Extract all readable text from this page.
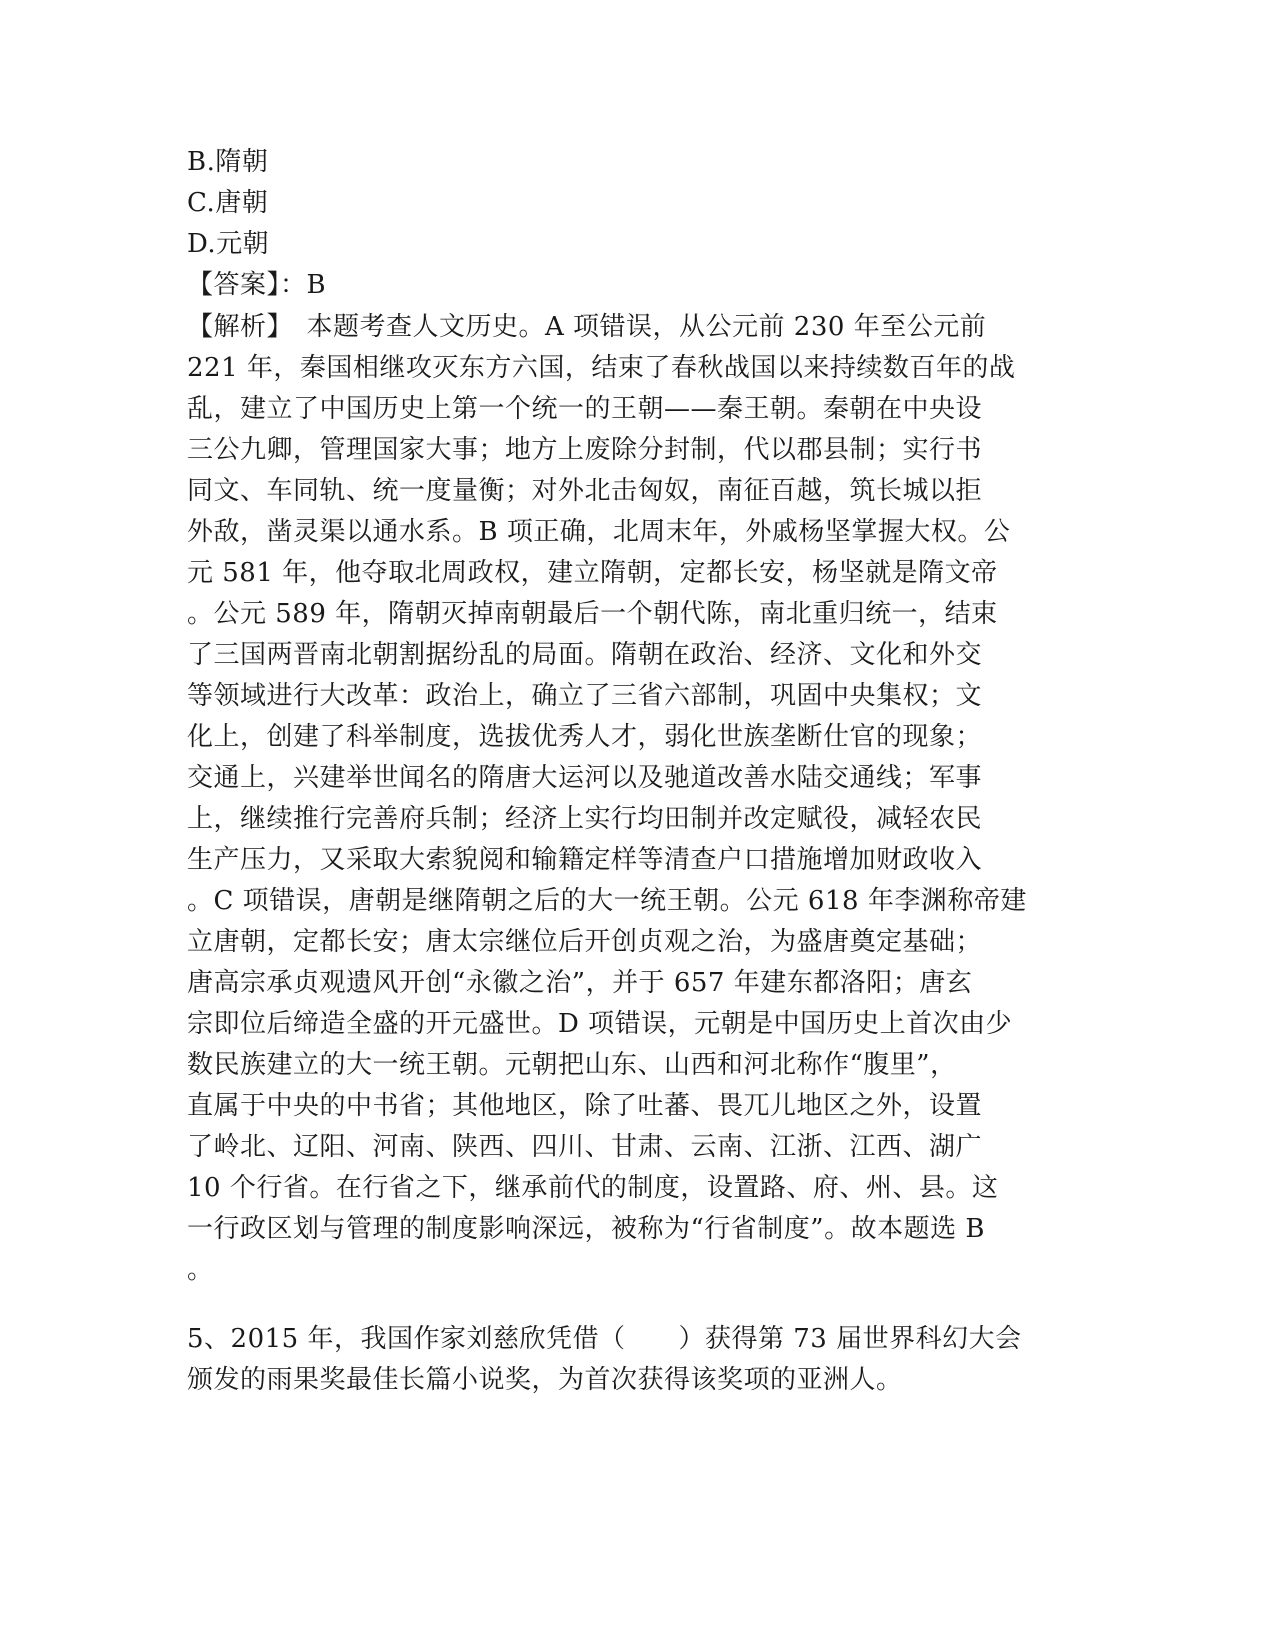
B.隋朝
C.唐朝
D.元朝
【答案】：B
【解析】　本题考查人文历史。A 项错误，从公元前 230 年至公元前
221 年，秦国相继攻灭东方六国，结束了春秋战国以来持续数百年的战
乱，建立了中国历史上第一个统一的王朝——秦王朝。秦朝在中央设
三公九卿，管理国家大事；地方上废除分封制，代以郡县制；实行书
同文、车同轨、统一度量衡；对外北击匈奴，南征百越，筑长城以拒
外敌，凿灵渠以通水系。B 项正确，北周末年，外戚杨坚掌握大权。公
元 581 年，他夺取北周政权，建立隋朝，定都长安，杨坚就是隋文帝
。公元 589 年，隋朝灭掉南朝最后一个朝代陈，南北重归统一，结束
了三国两晋南北朝割据纷乱的局面。隋朝在政治、经济、文化和外交
等领域进行大改革：政治上，确立了三省六部制，巩固中央集权；文
化上，创建了科举制度，选拔优秀人才，弱化世族垄断仕官的现象；
交通上，兴建举世闻名的隋唐大运河以及驰道改善水陆交通线；军事
上，继续推行完善府兵制；经济上实行均田制并改定赋役，减轻农民
生产压力，又采取大索貌阅和输籍定样等清查户口措施增加财政收入
。C 项错误，唐朝是继隋朝之后的大一统王朝。公元 618 年李渊称帝建
立唐朝，定都长安；唐太宗继位后开创贞观之治，为盛唐奠定基础；
唐高宗承贞观遗风开创“永徽之治”，并于 657 年建东都洛阳；唐玄
宗即位后缔造全盛的开元盛世。D 项错误，元朝是中国历史上首次由少
数民族建立的大一统王朝。元朝把山东、山西和河北称作“腹里”，
直属于中央的中书省；其他地区，除了吐蕃、畏兀儿地区之外，设置
了岭北、辽阳、河南、陕西、四川、甘肃、云南、江浙、江西、湖广
10 个行省。在行省之下，继承前代的制度，设置路、府、州、县。这
一行政区划与管理的制度影响深远，被称为“行省制度”。故本题选 B
。
5、2015 年，我国作家刘慈欣凭借（　　）获得第 73 届世界科幻大会
颁发的雨果奖最佳长篇小说奖，为首次获得该奖项的亚洲人。
